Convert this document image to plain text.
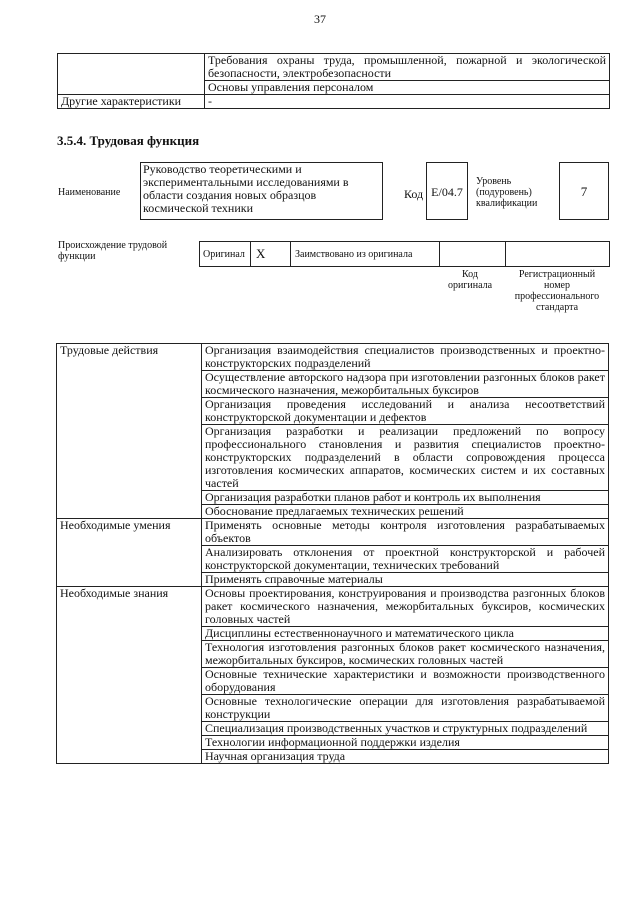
37
	Требования охраны труда, промышленной, пожарной и экологической безопасности, электробезопасности
	Основы управления персоналом
Другие характеристики	-
3.5.4. Трудовая функция
Наименование
Руководство теоретическими и экспериментальными исследованиями в области создания новых образцов космической техники
Код E/04.7
Уровень (подуровень) квалификации
7
Происхождение трудовой функции	Оригинал X	Заимствовано из оригинала
Код оригинала
Регистрационный номер профессионального стандарта
Трудовые действия	Организация взаимодействия специалистов производственных и проектно-конструкторских подразделений
	Осуществление авторского надзора при изготовлении разгонных блоков ракет космического назначения, межорбитальных буксиров
	Организация проведения исследований и анализа несоответствий конструкторской документации и дефектов
	Организация разработки и реализации предложений по вопросу профессионального становления и развития специалистов проектно-конструкторских подразделений в области сопровождения процесса изготовления космических аппаратов, космических систем и их составных частей
	Организация разработки планов работ и контроль их выполнения
	Обоснование предлагаемых технических решений
Необходимые умения	Применять основные методы контроля изготовления разрабатываемых объектов
	Анализировать отклонения от проектной конструкторской и рабочей конструкторской документации, технических требований
	Применять справочные материалы
Необходимые знания	Основы проектирования, конструирования и производства разгонных блоков ракет космического назначения, межорбитальных буксиров, космических головных частей
	Дисциплины естественнонаучного и математического цикла
	Технология изготовления разгонных блоков ракет космического назначения, межорбитальных буксиров, космических головных частей
	Основные технические характеристики и возможности производственного оборудования
	Основные технологические операции для изготовления разрабатываемой конструкции
	Специализация производственных участков и структурных подразделений
	Технологии информационной поддержки изделия
	Научная организация труда
